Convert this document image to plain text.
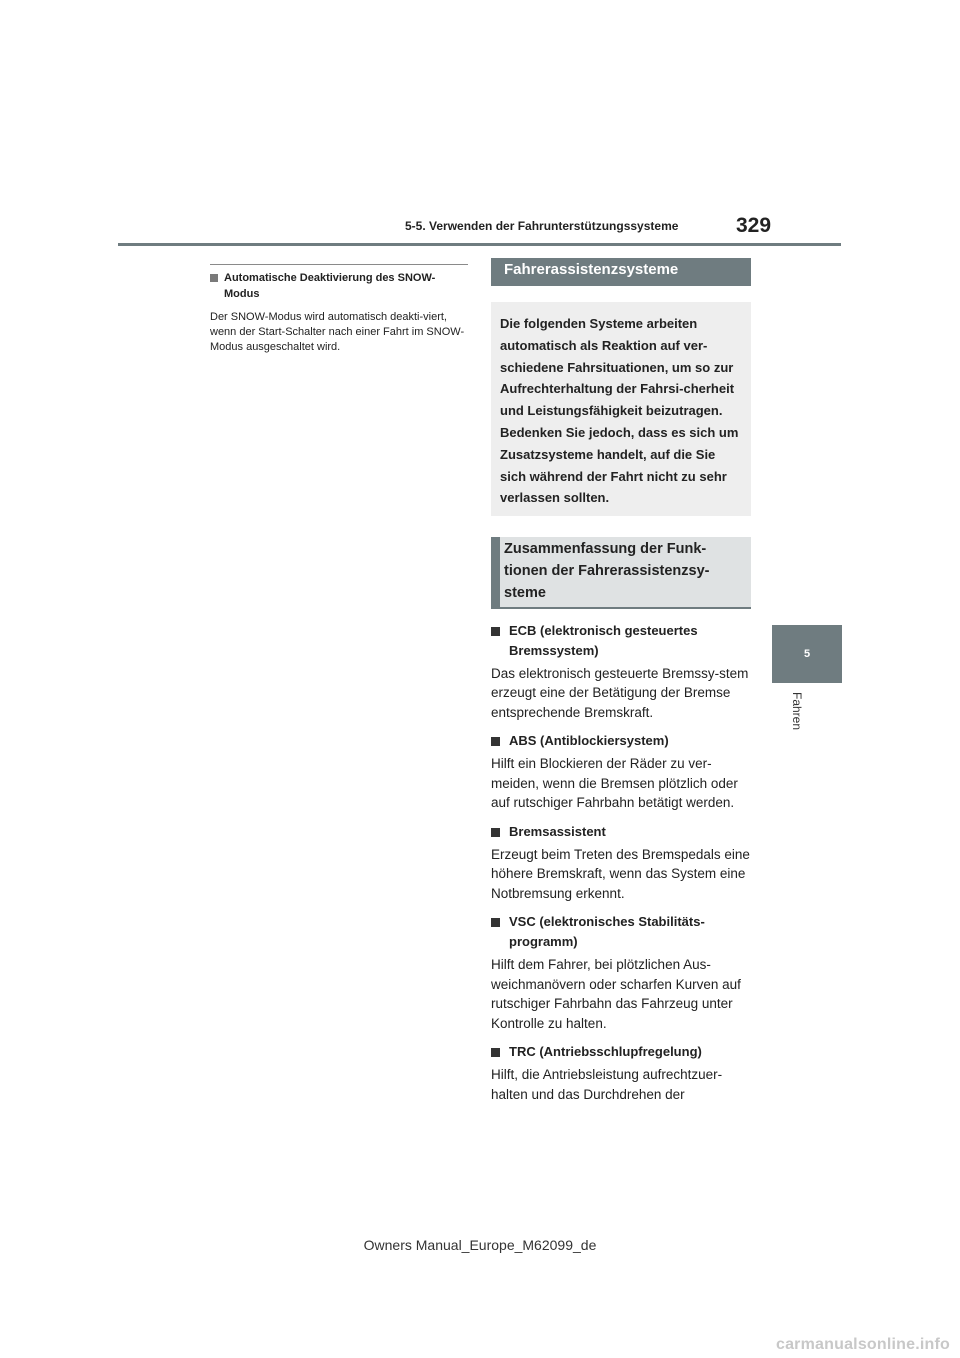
5-5. Verwenden der Fahrunterstützungssysteme	329
5
Fahren
Automatische Deaktivierung des SNOW-Modus
Der SNOW-Modus wird automatisch deakti-viert, wenn der Start-Schalter nach einer Fahrt im SNOW-Modus ausgeschaltet wird.
Fahrerassistenzsysteme
Die folgenden Systeme arbeiten automatisch als Reaktion auf ver-schiedene Fahrsituationen, um so zur Aufrechterhaltung der Fahrsi-cherheit und Leistungsfähigkeit beizutragen. Bedenken Sie jedoch, dass es sich um Zusatzsysteme handelt, auf die Sie sich während der Fahrt nicht zu sehr verlassen sollten.
Zusammenfassung der Funk-tionen der Fahrerassistenzsy-steme
ECB (elektronisch gesteuertes Bremssystem)
Das elektronisch gesteuerte Bremssy-stem erzeugt eine der Betätigung der Bremse entsprechende Bremskraft.
ABS (Antiblockiersystem)
Hilft ein Blockieren der Räder zu ver-meiden, wenn die Bremsen plötzlich oder auf rutschiger Fahrbahn betätigt werden.
Bremsassistent
Erzeugt beim Treten des Bremspedals eine höhere Bremskraft, wenn das System eine Notbremsung erkennt.
VSC (elektronisches Stabilitäts-programm)
Hilft dem Fahrer, bei plötzlichen Aus-weichmanövern oder scharfen Kurven auf rutschiger Fahrbahn das Fahrzeug unter Kontrolle zu halten.
TRC (Antriebsschlupfregelung)
Hilft, die Antriebsleistung aufrechtzuer-halten und das Durchdrehen der
Owners Manual_Europe_M62099_de
carmanualsonline.info
